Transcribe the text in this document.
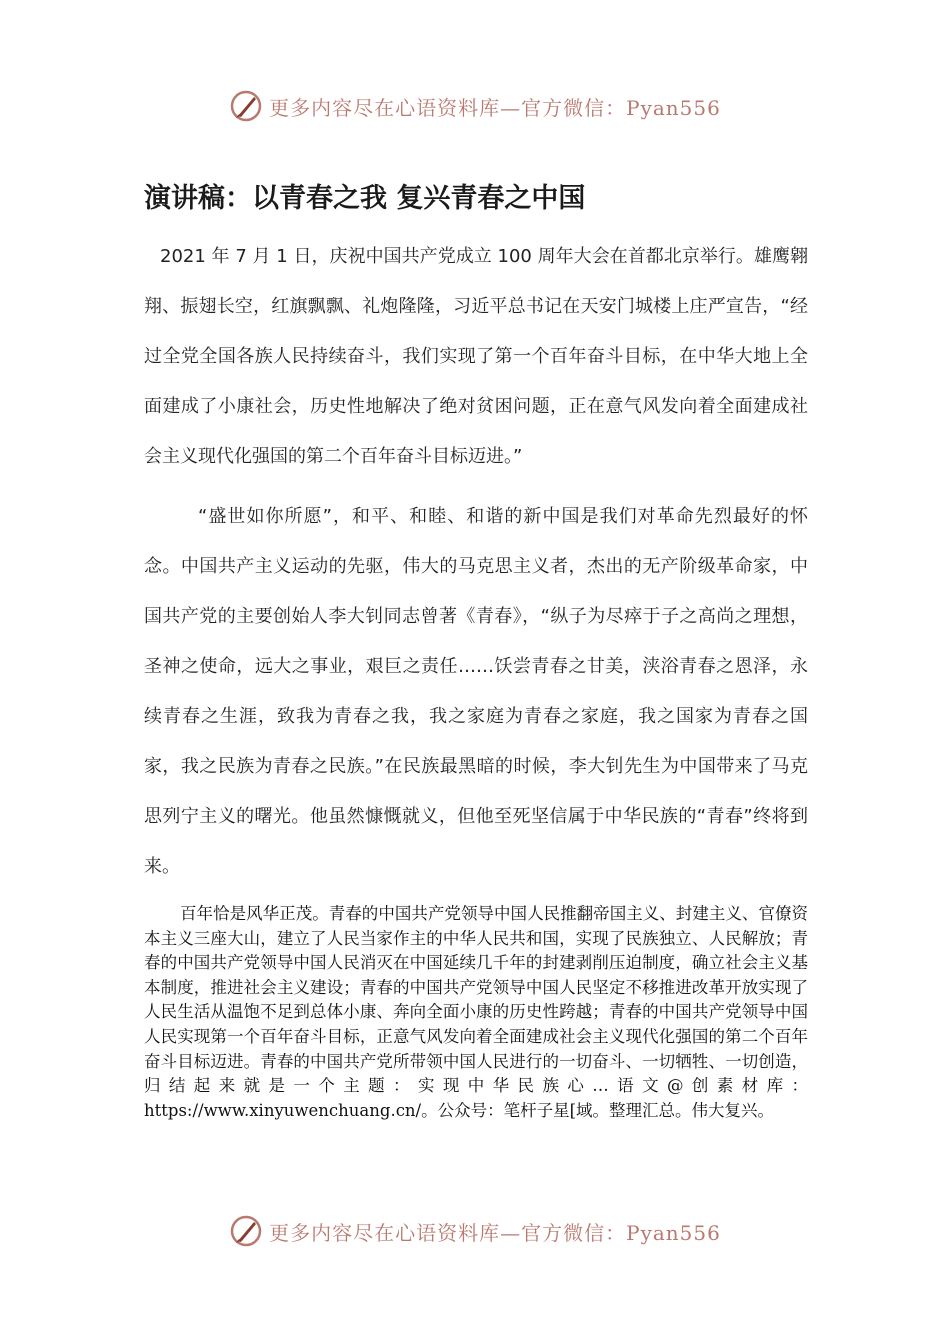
更多内容尽在心语资料库—官方微信：Pyan556
演讲稿：以青春之我 复兴青春之中国

2021 年 7 月 1 日，庆祝中国共产党成立 100 周年大会在首都北京举行。雄鹰翱翔、振翅长空，红旗飘飘、礼炮隆隆，习近平总书记在天安门城楼上庄严宣告，“经过全党全国各族人民持续奋斗，我们实现了第一个百年奋斗目标，在中华大地上全面建成了小康社会，历史性地解决了绝对贫困问题，正在意气风发向着全面建成社会主义现代化强国的第二个百年奋斗目标迈进。”

“盛世如你所愿”，和平、和睦、和谐的新中国是我们对革命先烈最好的怀念。中国共产主义运动的先驱，伟大的马克思主义者，杰出的无产阶级革命家，中国共产党的主要创始人李大钊同志曾著《青春》，“纵子为尽瘁于子之高尚之理想，圣神之使命，远大之事业，艰巨之责任……饫尝青春之甘美，浃浴青春之恩泽，永续青春之生涯，致我为青春之我，我之家庭为青春之家庭，我之国家为青春之国家，我之民族为青春之民族。”在民族最黑暗的时候，李大钊先生为中国带来了马克思列宁主义的曙光。他虽然慷慨就义，但他至死坚信属于中华民族的“青春”终将到来。

百年恰是风华正茂。青春的中国共产党领导中国人民推翻帝国主义、封建主义、官僚资本主义三座大山，建立了人民当家作主的中华人民共和国，实现了民族独立、人民解放；青春的中国共产党领导中国人民消灭在中国延续几千年的封建剥削压迫制度，确立社会主义基本制度，推进社会主义建设；青春的中国共产党领导中国人民坚定不移推进改革开放实现了人民生活从温饱不足到总体小康、奔向全面小康的历史性跨越；青春的中国共产党领导中国人民实现第一个百年奋斗目标，正意气风发向着全面建成社会主义现代化强国的第二个百年奋斗目标迈进。青春的中国共产党所带领中国人民进行的一切奋斗、一切牺牲、一切创造，归结起来就是一个主题：实现中华民族心…语文@创素材库：https://www.xinyuwenchuang.cn/。公众号：笔杆子星[域。整理汇总。伟大复兴。

更多内容尽在心语资料库—官方微信：Pyan556
